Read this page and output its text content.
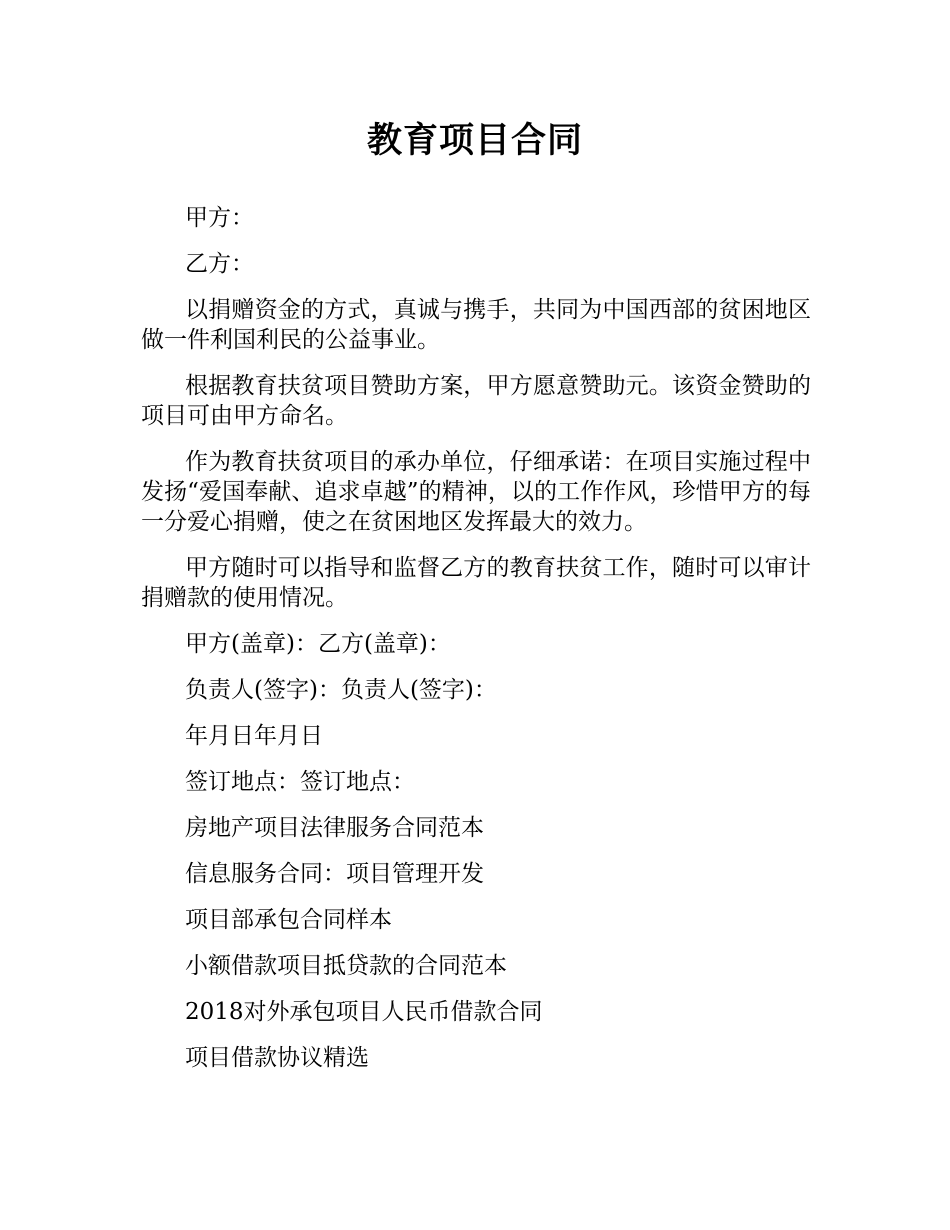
教育项目合同

甲方：

乙方：

以捐赠资金的方式，真诚与携手，共同为中国西部的贫困地区做一件利国利民的公益事业。

根据教育扶贫项目赞助方案，甲方愿意赞助元。该资金赞助的项目可由甲方命名。

作为教育扶贫项目的承办单位，仔细承诺：在项目实施过程中发扬“爱国奉献、追求卓越”的精神，以的工作作风，珍惜甲方的每一分爱心捐赠，使之在贫困地区发挥最大的效力。

甲方随时可以指导和监督乙方的教育扶贫工作，随时可以审计捐赠款的使用情况。

甲方(盖章)：乙方(盖章)：

负责人(签字)：负责人(签字)：

年月日年月日

签订地点：签订地点：

房地产项目法律服务合同范本

信息服务合同：项目管理开发

项目部承包合同样本

小额借款项目抵贷款的合同范本

2018对外承包项目人民币借款合同

项目借款协议精选
